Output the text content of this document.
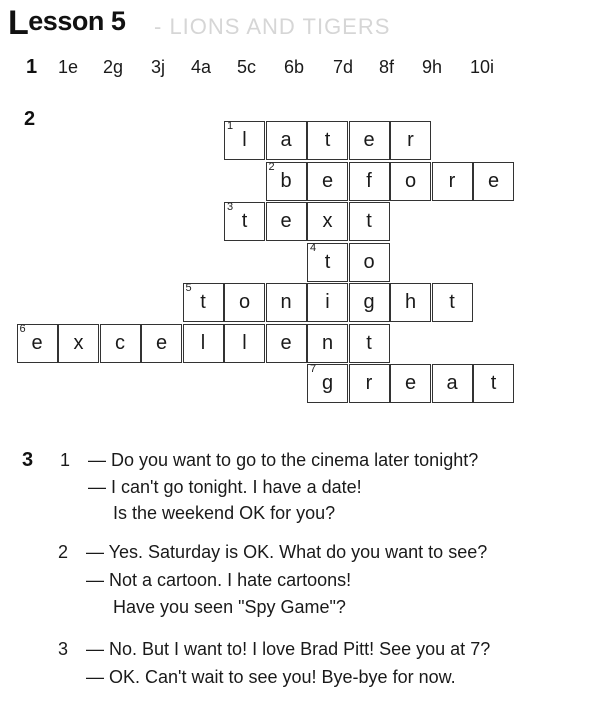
Lesson 5 - LIONS AND TIGERS
1 1e 2g 3j 4a 5c 6b 7d 8f 9h 10i
2	1
l a t e r
2
b e f o r e
3
t e x t
4
t o
5
t o n i g h t
6
e x c e l l e n t
7
g r e a t
3 1 — Do you want to go to the cinema later tonight?
— I can't go tonight. I have a date!
Is the weekend OK for you?
2 — Yes. Saturday is OK. What do you want to see?
— Not a cartoon. I hate cartoons!
Have you seen "Spy Game"?
3 — No. But I want to! I love Brad Pitt! See you at 7?
— OK. Can't wait to see you! Bye-bye for now.
